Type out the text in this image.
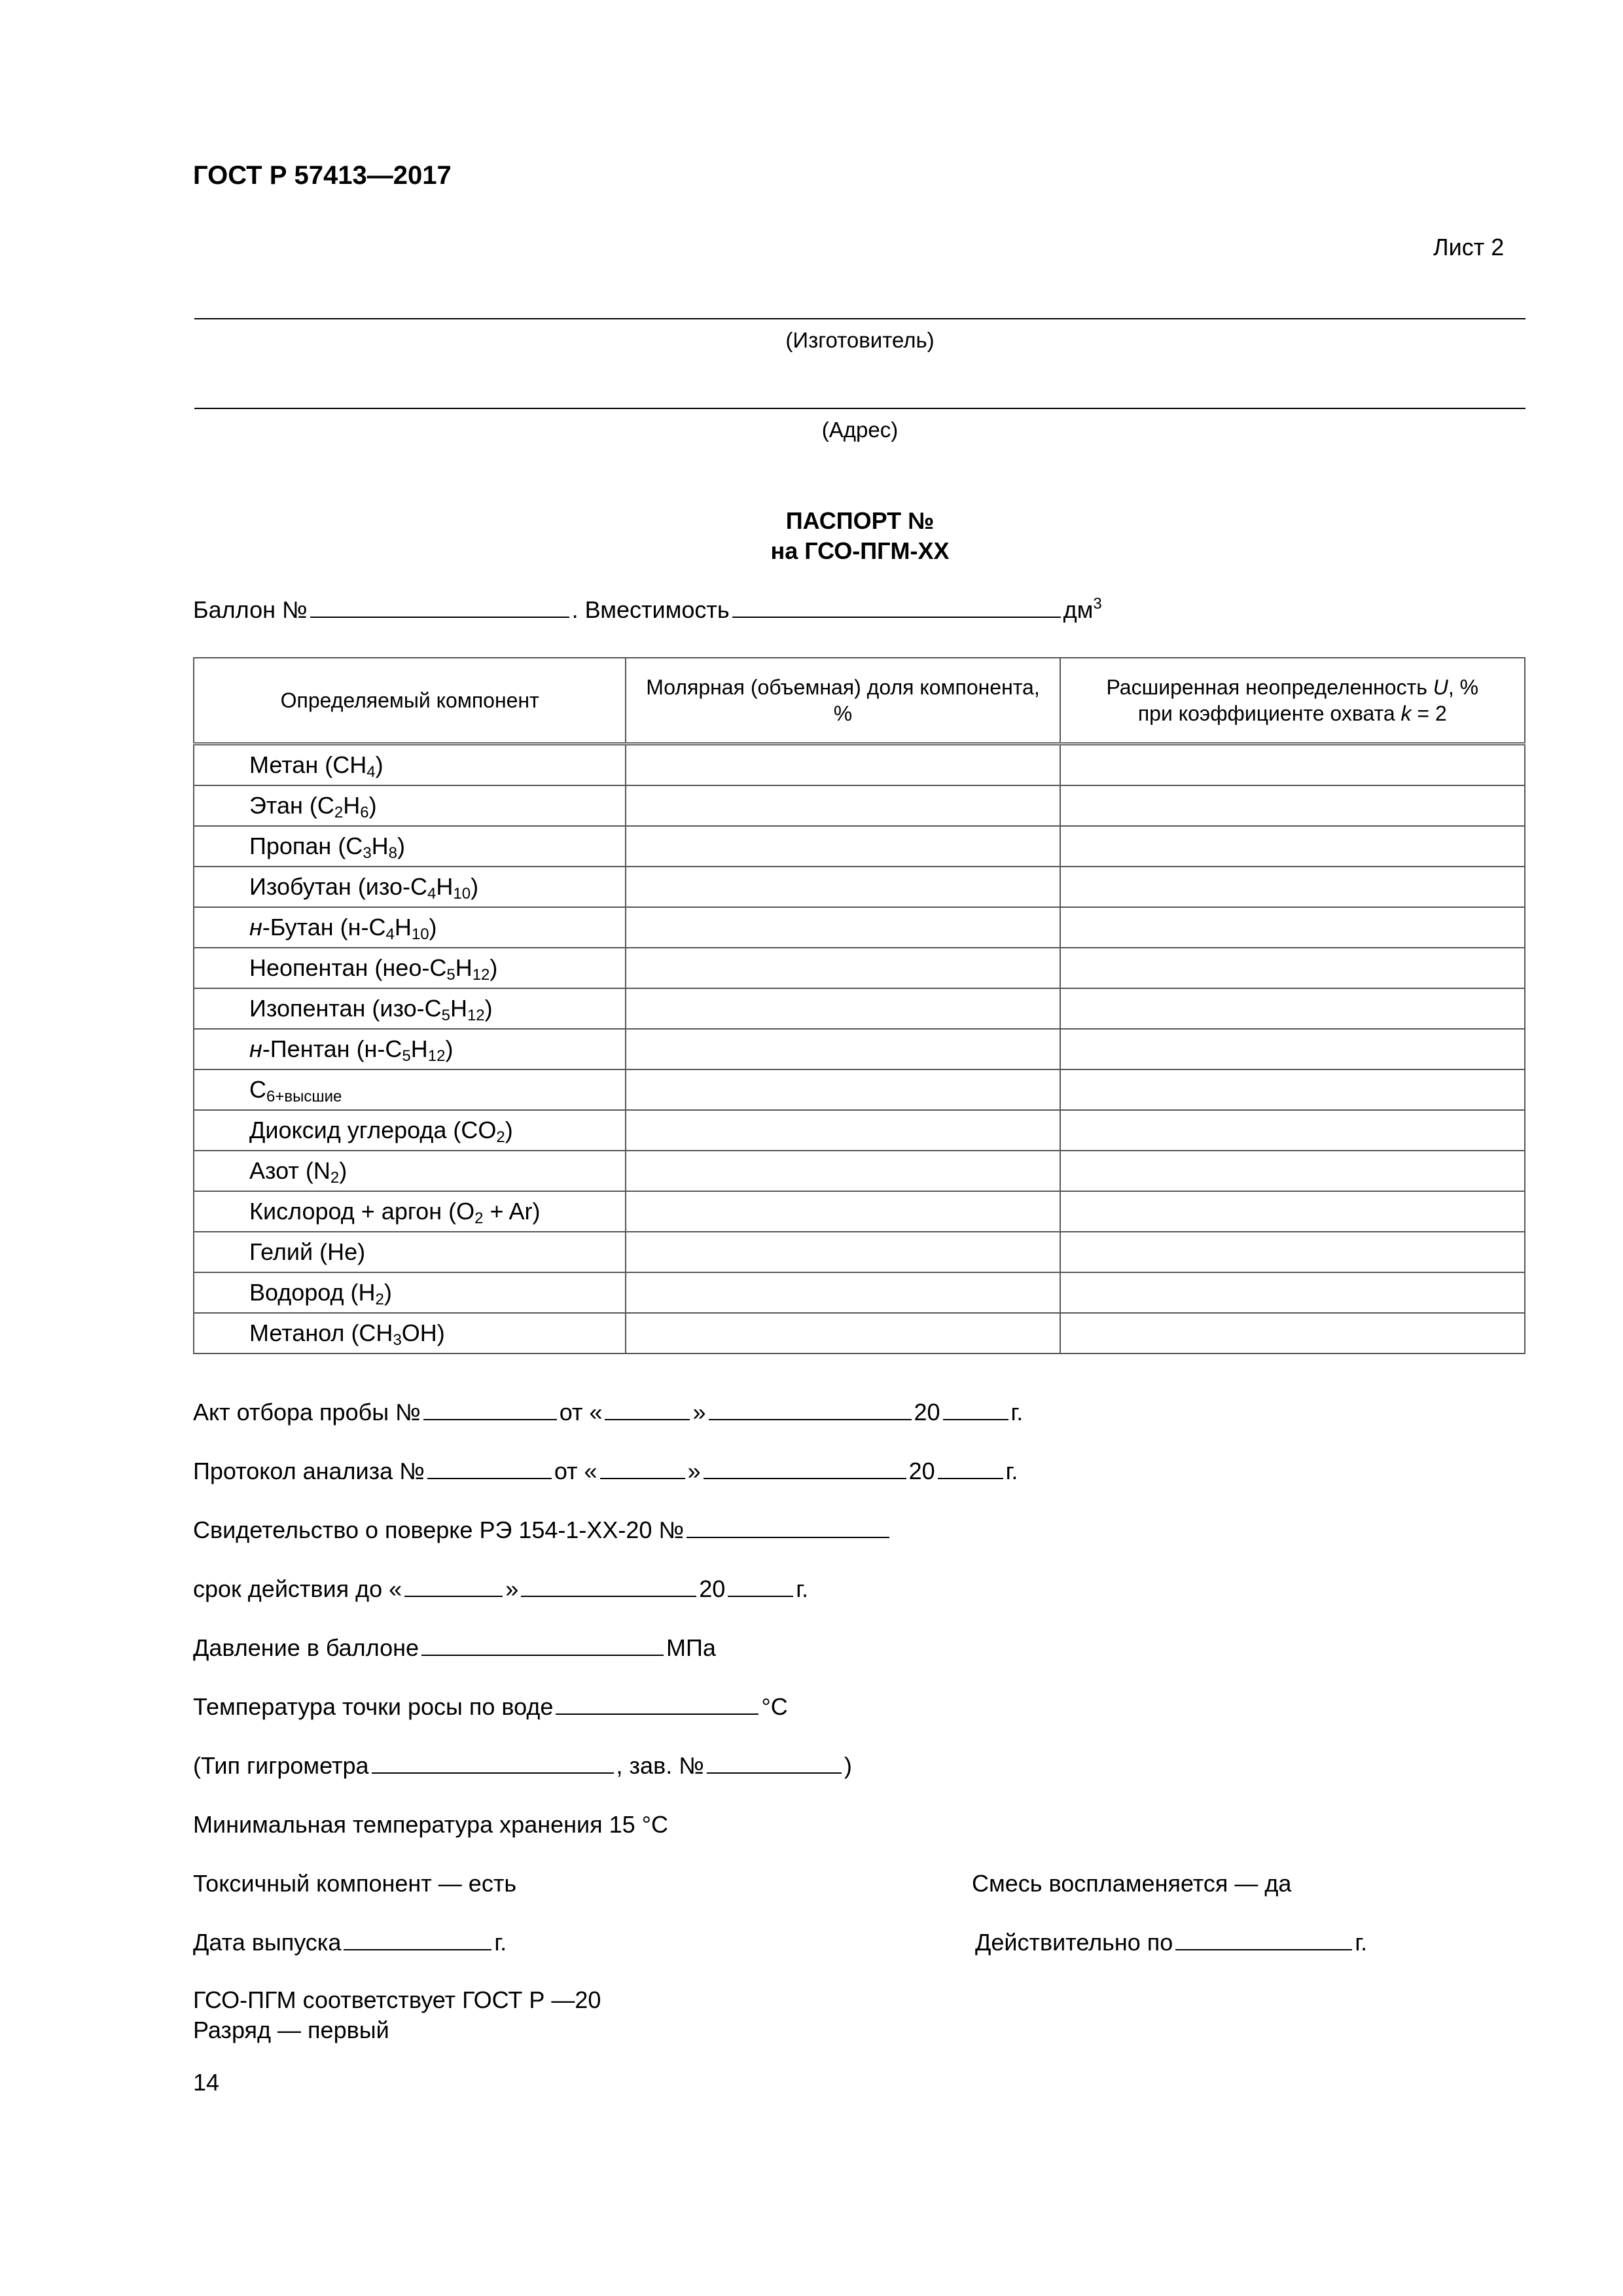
ГОСТ Р 57413—2017
Лист 2
(Изготовитель)
(Адрес)
ПАСПОРТ №
на ГСО-ПГМ-XX
Баллон №	. Вместимость	$дм^3$
Определяемый компонент	Молярная (объемная) доля компонента, %	Расширенная неопределенность U, %
при коэффициенте охвата k = 2
Метан $(CH_4)$		
Этан $(C_2H_6)$		
Пропан $(C_3H_8)$		
Изобутан $(изо-C_4H_{10})$		
н-Бутан $(н-C_4H_{10})$		
Неопентан $(нео-C_5H_{12})$		
Изопентан $(изо-C_5H_{12})$		
н-Пентан $(н-C_5H_{12})$		
$C_{6+высшие}$		
Диоксид углерода $(CO_2)$		
Азот $(N_2)$		
Кислород + аргон $(O_2 + Ar)$		
Гелий (He)		
Водород $(H_2)$		
Метанол $(CH_3OH)$		
Акт отбора пробы №	от «	»	20	г.
Протокол анализа №	от «	»	20	г.
Свидетельство о поверке РЭ 154-1-XX-20 №
срок действия до «	»	20	г.
Давление в баллоне	МПа
Температура точки росы по воде	°С
(Тип гигрометра	, зав. №	)
Минимальная температура хранения 15 °С
Токсичный компонент — есть	Смесь воспламеняется — да
Дата выпуска	г.	Действительно по	г.
ГСО-ПГМ соответствует ГОСТ Р —20
Разряд — первый
14
